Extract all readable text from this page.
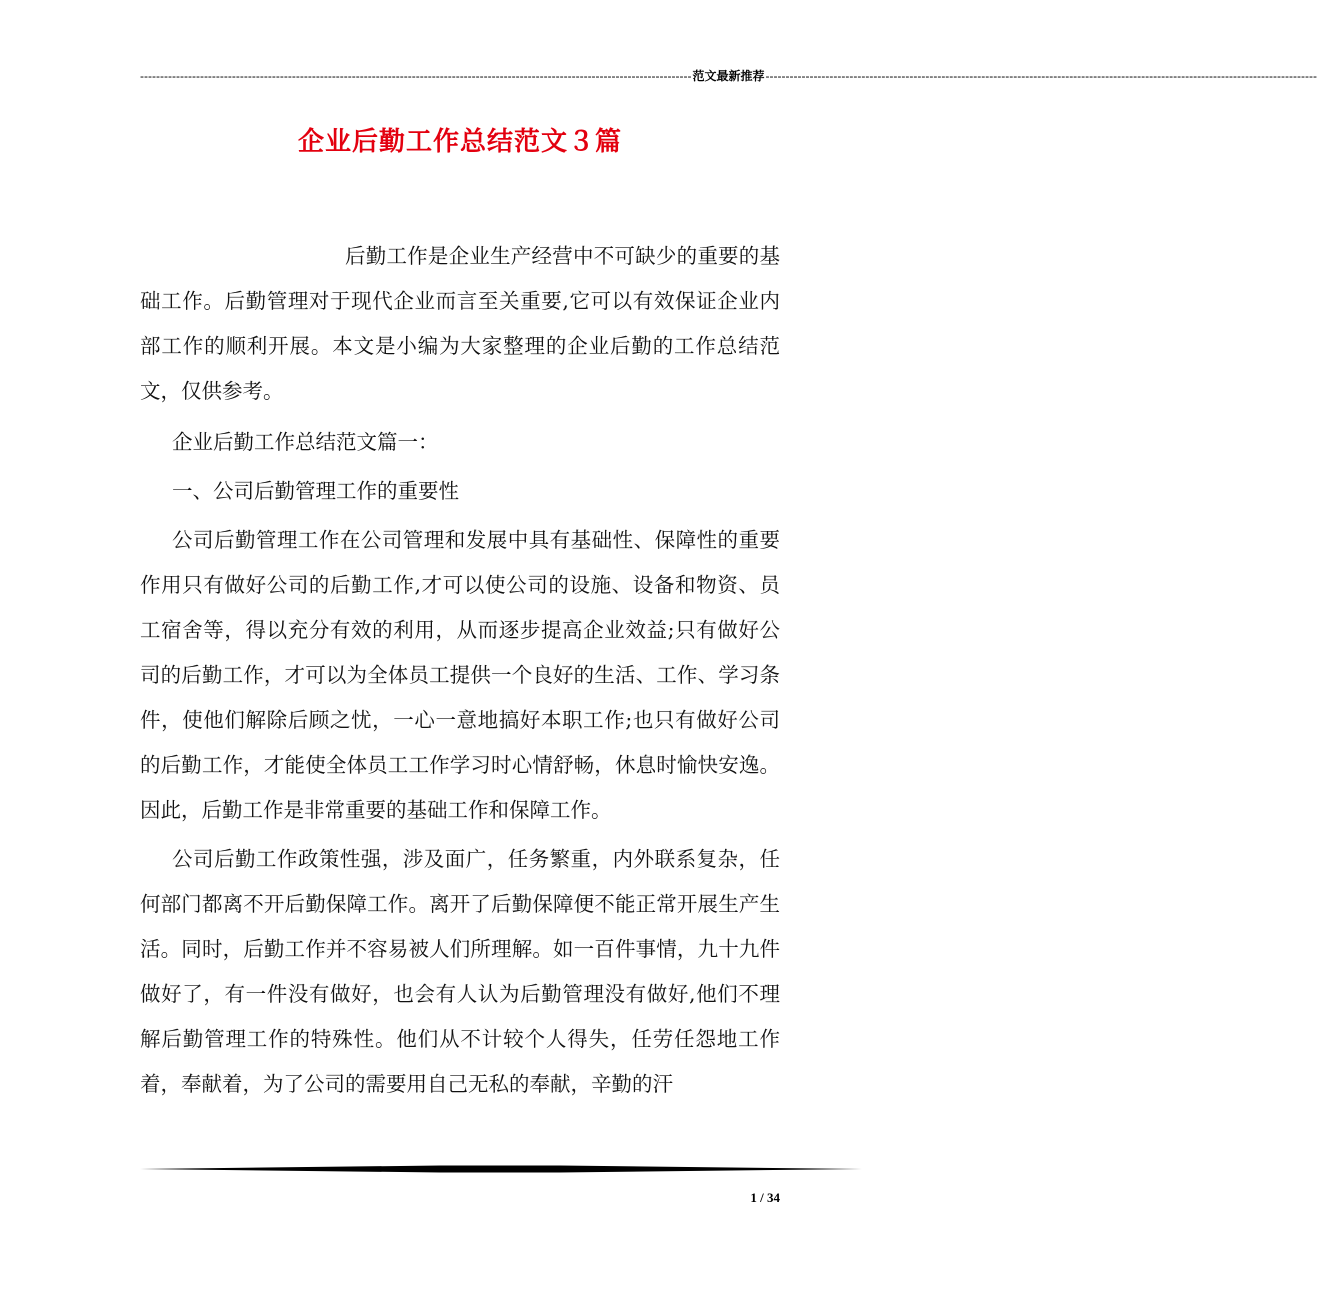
------------------------------------------------------------------------------------------------------------------------------------------ 范文最新推荐 ------------------------------------------------------------------------------------------------------------------------------------------
企业后勤工作总结范文３篇

后勤工作是企业生产经营中不可缺少的重要的基础工作。后勤管理对于现代企业而言至关重要,它可以有效保证企业内部工作的顺利开展。本文是小编为大家整理的企业后勤的工作总结范文，仅供参考。

企业后勤工作总结范文篇一：

一、公司后勤管理工作的重要性

公司后勤管理工作在公司管理和发展中具有基础性、保障性的重要作用只有做好公司的后勤工作,才可以使公司的设施、设备和物资、员工宿舍等，得以充分有效的利用，从而逐步提高企业效益;只有做好公司的后勤工作，才可以为全体员工提供一个良好的生活、工作、学习条件，使他们解除后顾之忧，一心一意地搞好本职工作;也只有做好公司的后勤工作，才能使全体员工工作学习时心情舒畅，休息时愉快安逸。因此，后勤工作是非常重要的基础工作和保障工作。

公司后勤工作政策性强，涉及面广，任务繁重，内外联系复杂，任何部门都离不开后勤保障工作。离开了后勤保障便不能正常开展生产生活。同时，后勤工作并不容易被人们所理解。如一百件事情，九十九件做好了，有一件没有做好，也会有人认为后勤管理没有做好,他们不理解后勤管理工作的特殊性。他们从不计较个人得失，任劳任怨地工作着，奉献着，为了公司的需要用自己无私的奉献，辛勤的汗

1 / 34
